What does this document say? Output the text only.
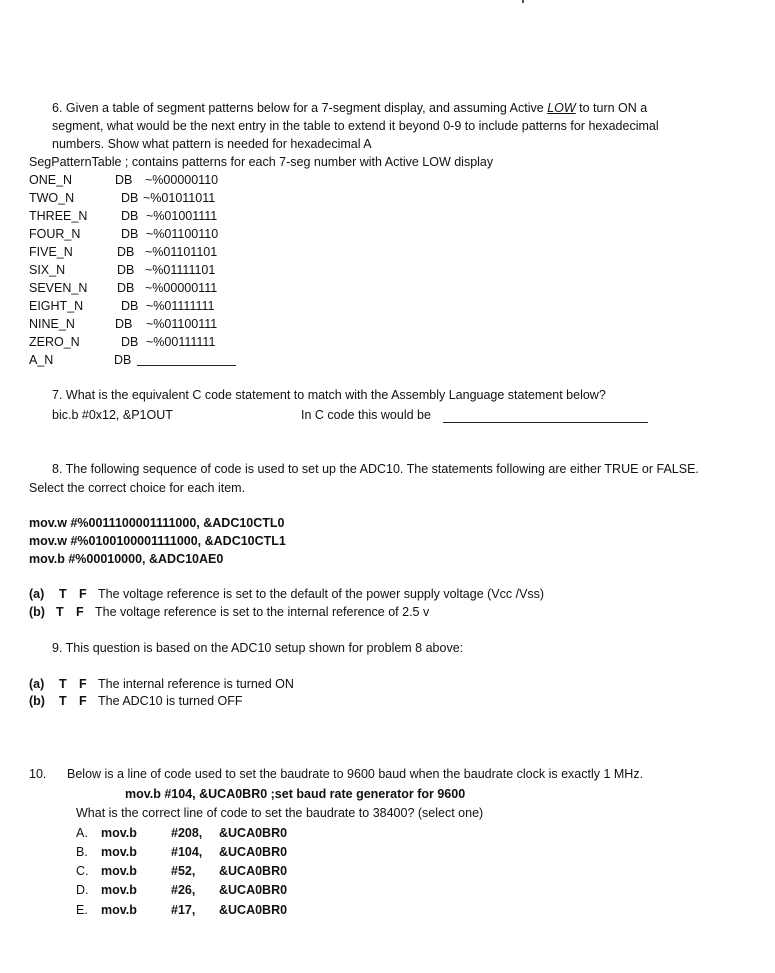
6. Given a table of segment patterns below for a 7-segment display, and assuming Active LOW to turn ON a
segment, what would be the next entry in the table to extend it beyond 0-9 to include patterns for hexadecimal
numbers. Show what pattern is needed for hexadecimal A
SegPatternTable ; contains patterns for each 7-seg number with Active LOW display
ONE_N	DB ~%00000110
TWO_N	DB ~%01011011
THREE_N	DB ~%01001111
FOUR_N	DB ~%01100110
FIVE_N	DB ~%01101101
SIX_N	DB ~%01111101
SEVEN_N DB ~%00000111
EIGHT_N	DB ~%01111111
NINE_N	DB ~%01100111
ZERO_N	DB ~%00111111
A_N	DB
7. What is the equivalent C code statement to match with the Assembly Language statement below?
bic.b #0x12, &P1OUT	In C code this would be
8. The following sequence of code is used to set up the ADC10. The statements following are either TRUE or FALSE.
Select the correct choice for each item.
mov.w #%0011100001111000, &ADC10CTL0
mov.w #%0100100001111000, &ADC10CTL1
mov.b #%00010000, &ADC10AE0
(a) T F The voltage reference is set to the default of the power supply voltage (Vcc /Vss)
(b) T F The voltage reference is set to the internal reference of 2.5 v
9. This question is based on the ADC10 setup shown for problem 8 above:
(a) T F The internal reference is turned ON
(b) T F The ADC10 is turned OFF
10. Below is a line of code used to set the baudrate to 9600 baud when the baudrate clock is exactly 1 MHz.
mov.b #104, &UCA0BR0 ;set baud rate generator for 9600
What is the correct line of code to set the baudrate to 38400? (select one)
A. mov.b	#208, &UCA0BR0
B. mov.b	#104, &UCA0BR0
C. mov.b	#52, &UCA0BR0
D. mov.b	#26, &UCA0BR0
E. mov.b	#17, &UCA0BR0
